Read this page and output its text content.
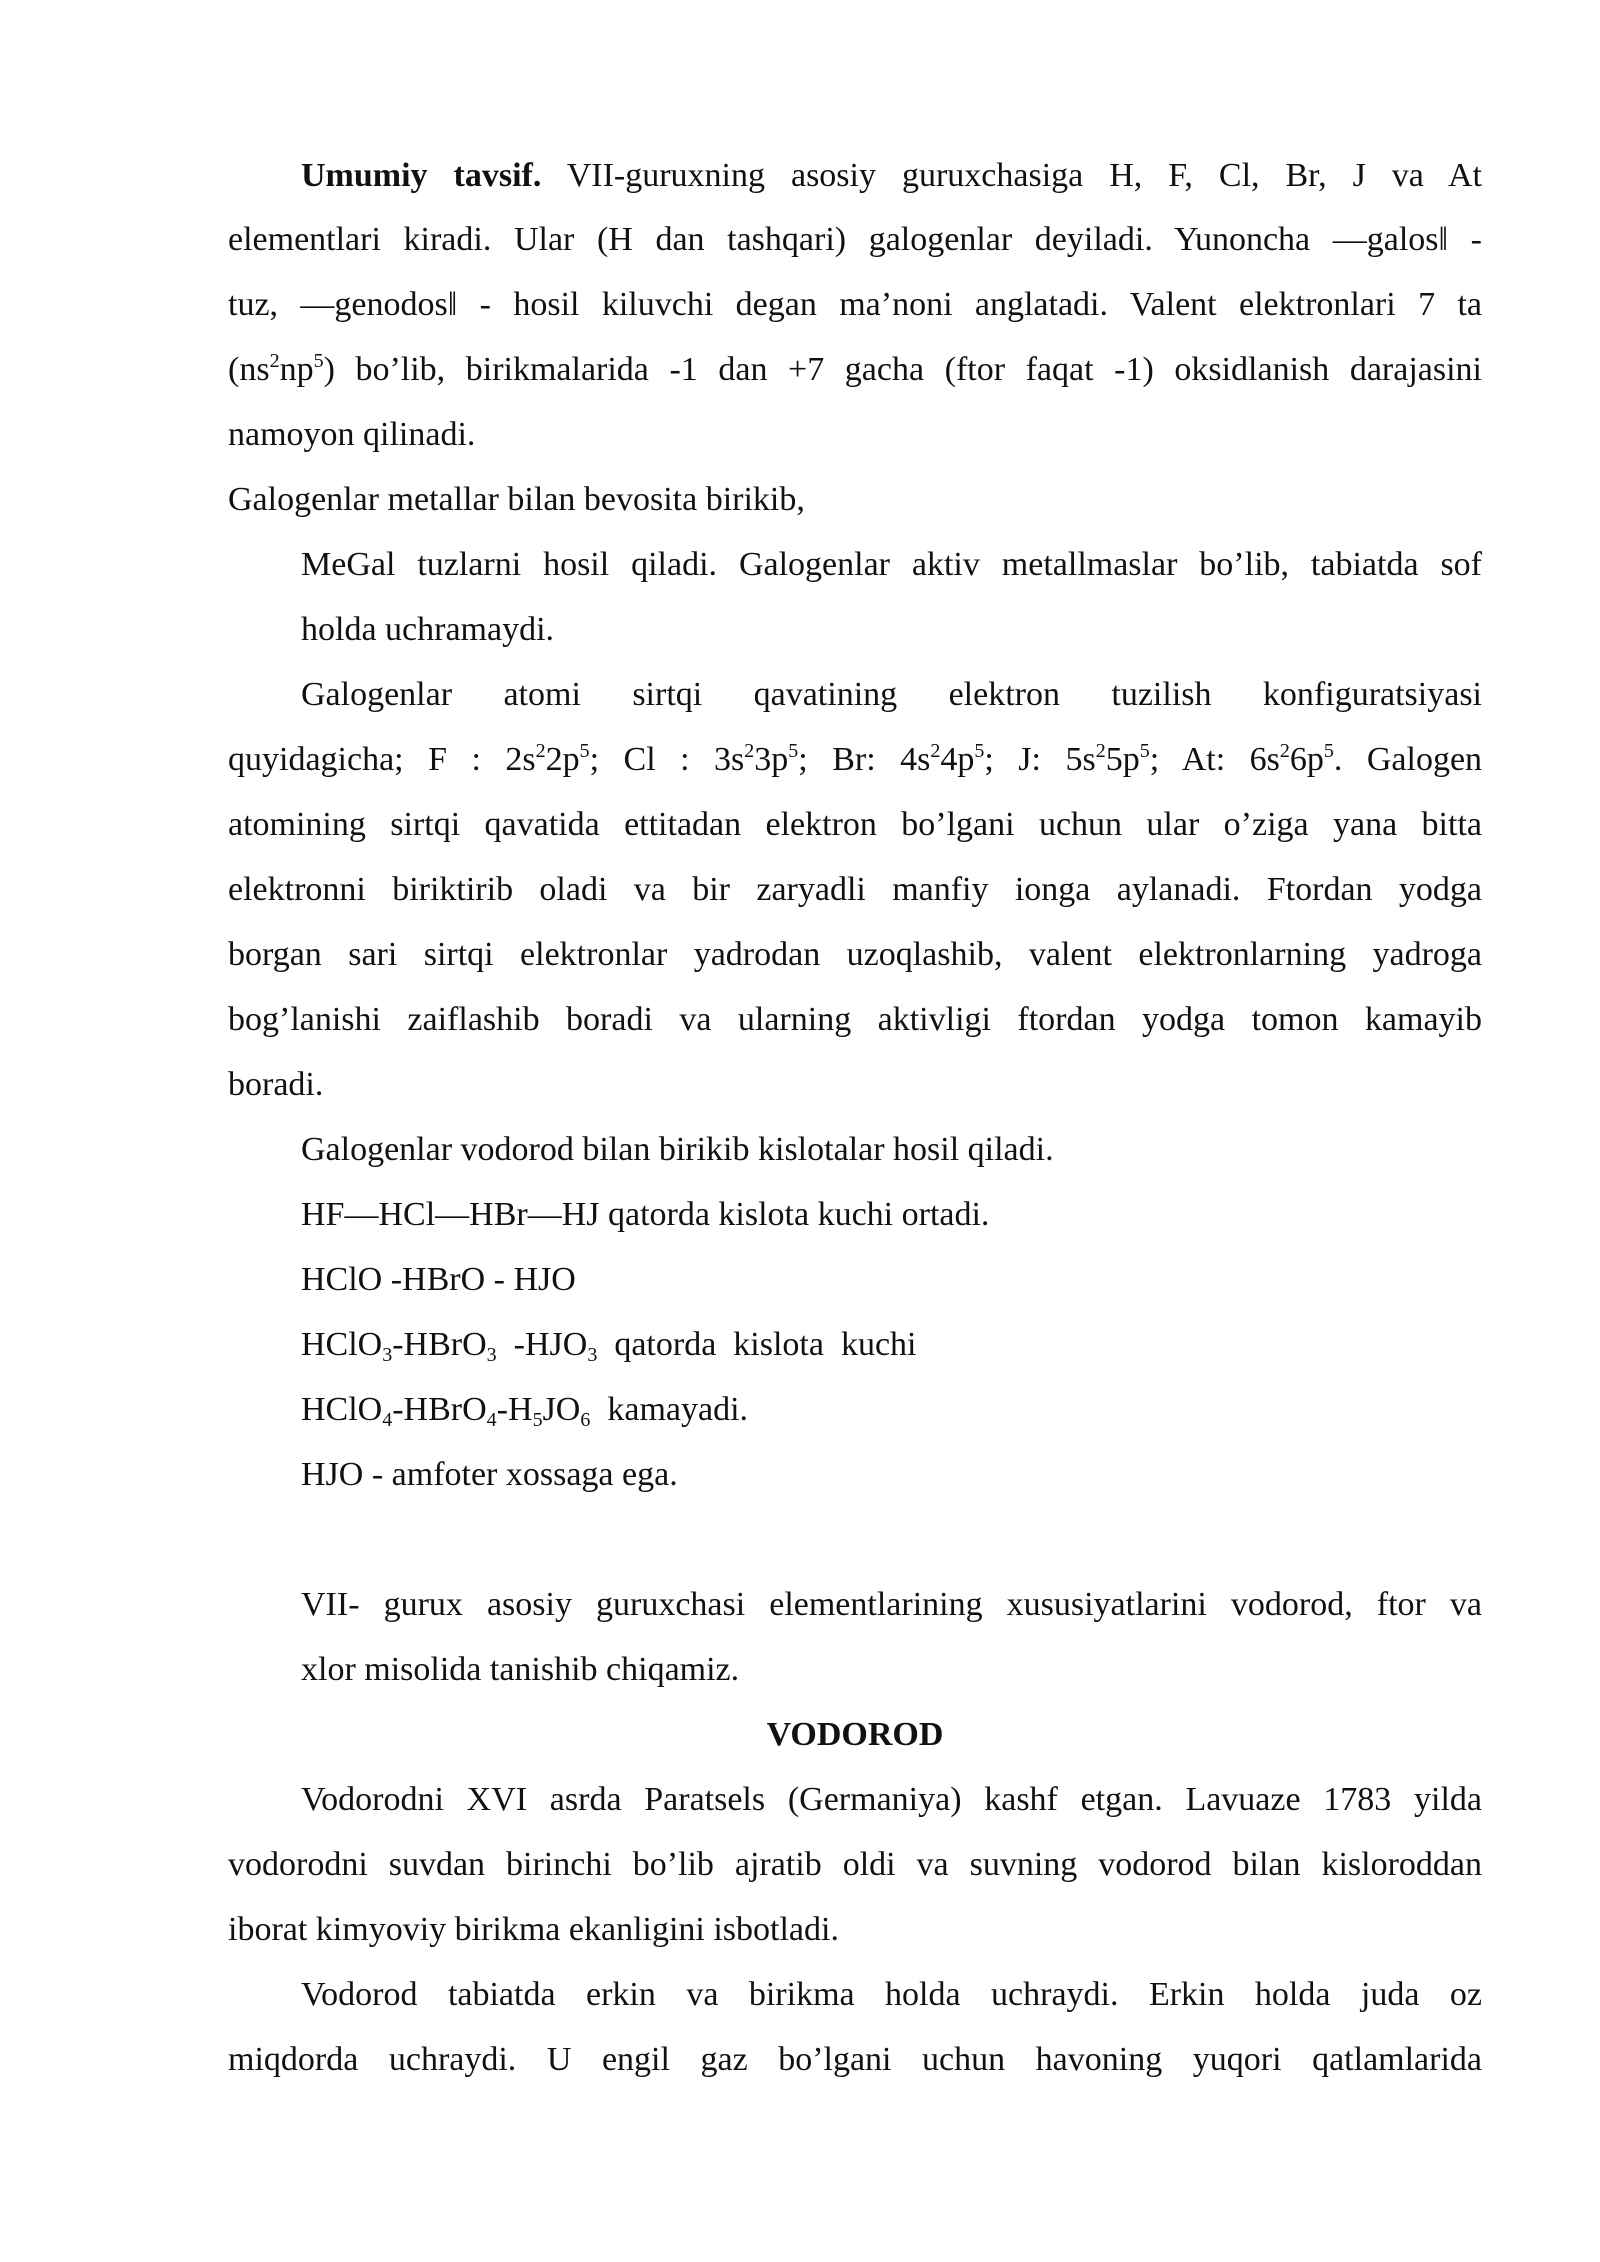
Umumiy tavsif. VII-guruxning asosiy guruxchasiga H, F, Cl, Br, J va At
elementlari kiradi. Ular (H dan tashqari) galogenlar deyiladi. Yunoncha ―galos‖ -
tuz, ―genodos‖ - hosil kiluvchi degan ma’noni anglatadi. Valent elektronlari 7 ta
$(ns^2np^5)$ bo’lib, birikmalarida -1 dan +7 gacha (ftor faqat -1) oksidlanish darajasini
namoyon qilinadi.
Galogenlar metallar bilan bevosita birikib,
MeGal tuzlarni hosil qiladi. Galogenlar aktiv metallmaslar bo’lib, tabiatda sof
holda uchramaydi.
Galogenlar atomi sirtqi qavatining elektron tuzilish konfiguratsiyasi
quyidagicha; F : $2s^22p^5$; Cl : $3s^23p^5$; Br: $4s^24p^5$; J: $5s^25p^5$; At: $6s^26p^5$. Galogen
atomining sirtqi qavatida ettitadan elektron bo’lgani uchun ular o’ziga yana bitta
elektronni biriktirib oladi va bir zaryadli manfiy ionga aylanadi. Ftordan yodga
borgan sari sirtqi elektronlar yadrodan uzoqlashib, valent elektronlarning yadroga
bog’lanishi zaiflashib boradi va ularning aktivligi ftordan yodga tomon kamayib
boradi.
Galogenlar vodorod bilan birikib kislotalar hosil qiladi.
HF—HCl—HBr—HJ qatorda kislota kuchi ortadi.
HClO -HBrO - HJO
HClO$_3$-HBrO$_3$  $-HJO_3$  qatorda  kislota  kuchi
$HClO_4-HBrO_4-H_5JO_6$  kamayadi.
HJO - amfoter xossaga ega.
VII- gurux asosiy guruxchasi elementlarining xususiyatlarini vodorod, ftor va
xlor misolida tanishib chiqamiz.
VODOROD
Vodorodni XVI asrda Paratsels (Germaniya) kashf etgan. Lavuaze 1783 yilda
vodorodni suvdan birinchi bo’lib ajratib oldi va suvning vodorod bilan kisloroddan
iborat kimyoviy birikma ekanligini isbotladi.
Vodorod tabiatda erkin va birikma holda uchraydi. Erkin holda juda oz
miqdorda uchraydi. U engil gaz bo’lgani uchun havoning yuqori qatlamlarida
